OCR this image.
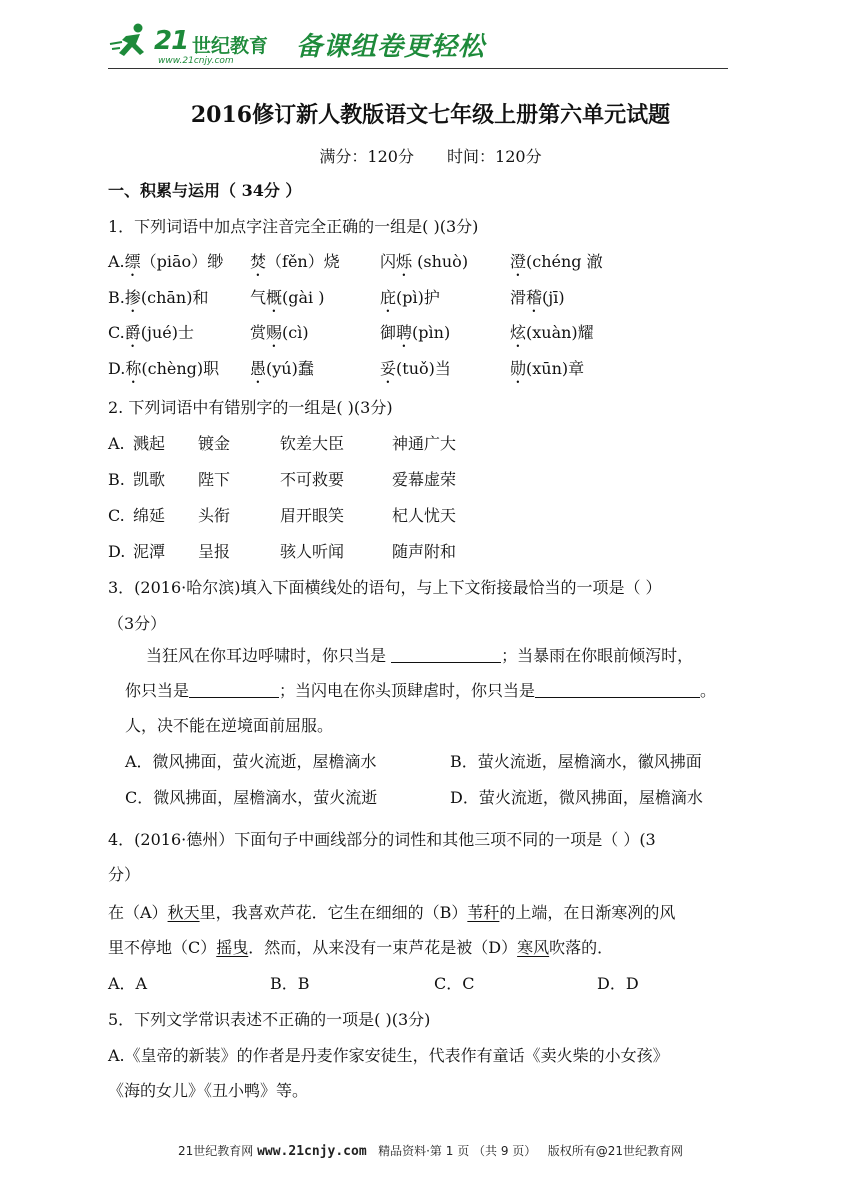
21 世纪教育
www.21cnjy.com 备课组卷更轻松
2016修订新人教版语文七年级上册第六单元试题
满分：120分 时间：120分
一、积累与运用（ 34分 ）
1．下列词语中加点字注音完全正确的一组是( )(3分)
A.缥（piāo）缈 焚（fěn）烧	闪烁 (shuò)	澄(chéng 澈
B.掺(chān)和	气概(gài )	庇(pì)护	滑稽(jī)
C.爵(jué)士	赏赐(cì)	御聘(pìn)	炫(xuàn)耀
D.称(chèng)职 愚(yú)蠢	妥(tuǒ)当	勋(xūn)章
2. 下列词语中有错别字的一组是( )(3分)
A. 溅起 镀金	钦差大臣	神通广大
B. 凯歌 陛下	不可救要	爱幕虚荣
C. 绵延 头衔	眉开眼笑	杞人忧天
D. 泥潭 呈报	骇人听闻	随声附和
3．(2016·哈尔滨)填入下面横线处的语句，与上下文衔接最恰当的一项是（ ）
（3分）
当狂风在你耳边呼啸时，你只当是	；当暴雨在你眼前倾泻时，
你只当是	；当闪电在你头顶肆虐时，你只当是	。
人，决不能在逆境面前屈服。
A．微风拂面，萤火流逝，屋檐滴水	B．萤火流逝，屋檐滴水，徽风拂面
C．微风拂面，屋檐滴水，萤火流逝	D．萤火流逝，微风拂面，屋檐滴水
4．(2016·德州）下面句子中画线部分的词性和其他三项不同的一项是（ ）(3
分）
在（A）秋天里，我喜欢芦花．它生在细细的（B）苇秆的上端，在日渐寒冽的风
里不停地（C）摇曳．然而，从来没有一束芦花是被（D）寒风吹落的．
A．A	B．B	C．C	D．D
5．下列文学常识表述不正确的一项是( )(3分)
A.《皇帝的新装》的作者是丹麦作家安徒生，代表作有童话《卖火柴的小女孩》
《海的女儿》《丑小鸭》等。
21世纪教育网 www.21cnjy.com 精品资料·第 1 页 （共 9 页） 版权所有@21世纪教育网
